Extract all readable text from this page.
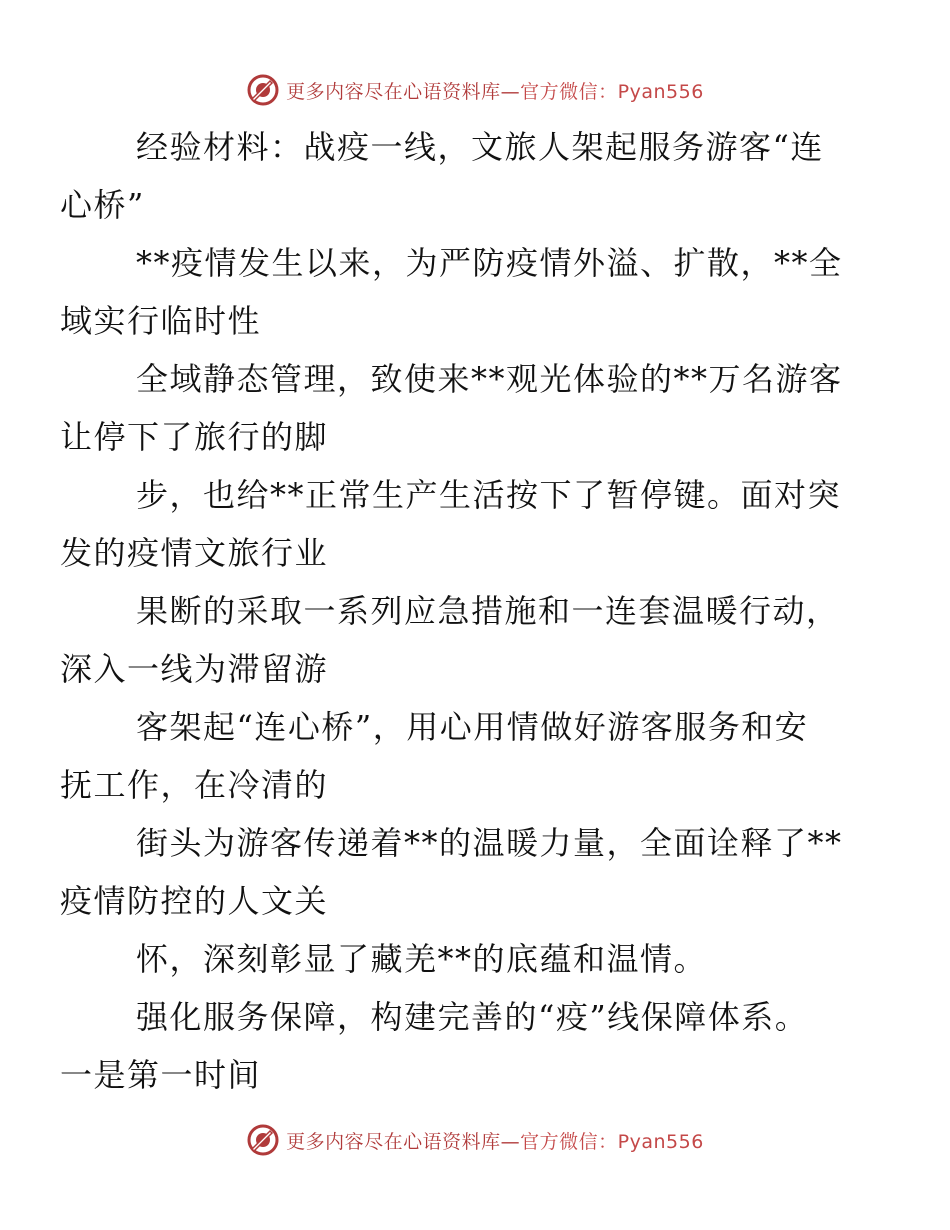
更多内容尽在心语资料库—官方微信：Pyan556

经验材料：战疫一线，文旅人架起服务游客“连
心桥”

**疫情发生以来，为严防疫情外溢、扩散，**全
域实行临时性

全域静态管理，致使来**观光体验的**万名游客
让停下了旅行的脚

步，也给**正常生产生活按下了暂停键。面对突
发的疫情文旅行业

果断的采取一系列应急措施和一连套温暖行动，
深入一线为滞留游

客架起“连心桥”，用心用情做好游客服务和安
抚工作，在冷清的

街头为游客传递着**的温暖力量，全面诠释了**
疫情防控的人文关

怀，深刻彰显了藏羌**的底蕴和温情。

强化服务保障，构建完善的“疫”线保障体系。
一是第一时间

更多内容尽在心语资料库—官方微信：Pyan556
